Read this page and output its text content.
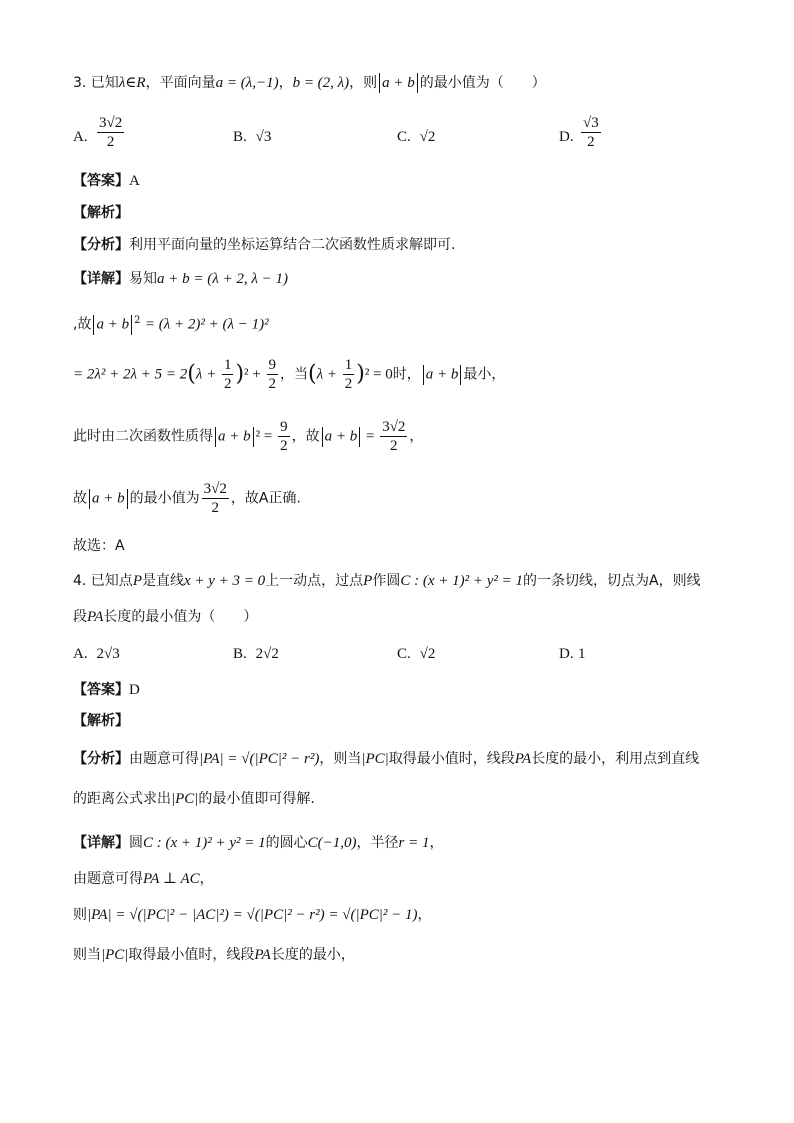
3. 已知λ∈R，平面向量a = (λ,−1)，b = (2, λ)，则 a + b 的最小值为（　　）
A. $\frac{3√2}{2}$	B. √3	C. √2	D. $\frac{√3}{2}$
【答案】A
【解析】
【分析】利用平面向量的坐标运算结合二次函数性质求解即可.
【详解】易知a + b = (λ + 2, λ − 1)
,故 a + b $^2$ = (λ + 2)² + (λ − 1)²
= $2\lambda^2 + 2\lambda + 5 = 2(\lambda + \frac{1}{2} )^2 + \frac{9}{2}$ ，当$(\lambda + \frac{1}{2} )^2 = 0$时， a + b 最小，
此时由二次函数性质得 a + b $^2 = \frac{9}{2}$ ，故 $a + b = \frac{3√2}{2}$ ，
故 a + b 的最小值为 $\frac{3√2}{2}$ ，故A正确.
故选：A
4. 已知点P是直线x + y + 3 = 0上一动点，过点P作圆C : (x + 1)² + y² = 1的一条切线，切点为A，则线
段PA长度的最小值为（　　）
A. 2√3	B. 2√2	C. √2	D. 1
【答案】D
【解析】
【分析】由题意可得|PA| = √(|PC|² − r²)，则当|PC|取得最小值时，线段PA长度的最小，利用点到直线
的距离公式求出|PC|的最小值即可得解.
【详解】圆C : (x + 1)² + y² = 1的圆心C(−1,0)，半径r = 1，
由题意可得PA ⊥ AC，
则|PA| = √(|PC|² − |AC|²) = √(|PC|² − r²) = √(|PC|² − 1)，
则当|PC|取得最小值时，线段PA长度的最小，
